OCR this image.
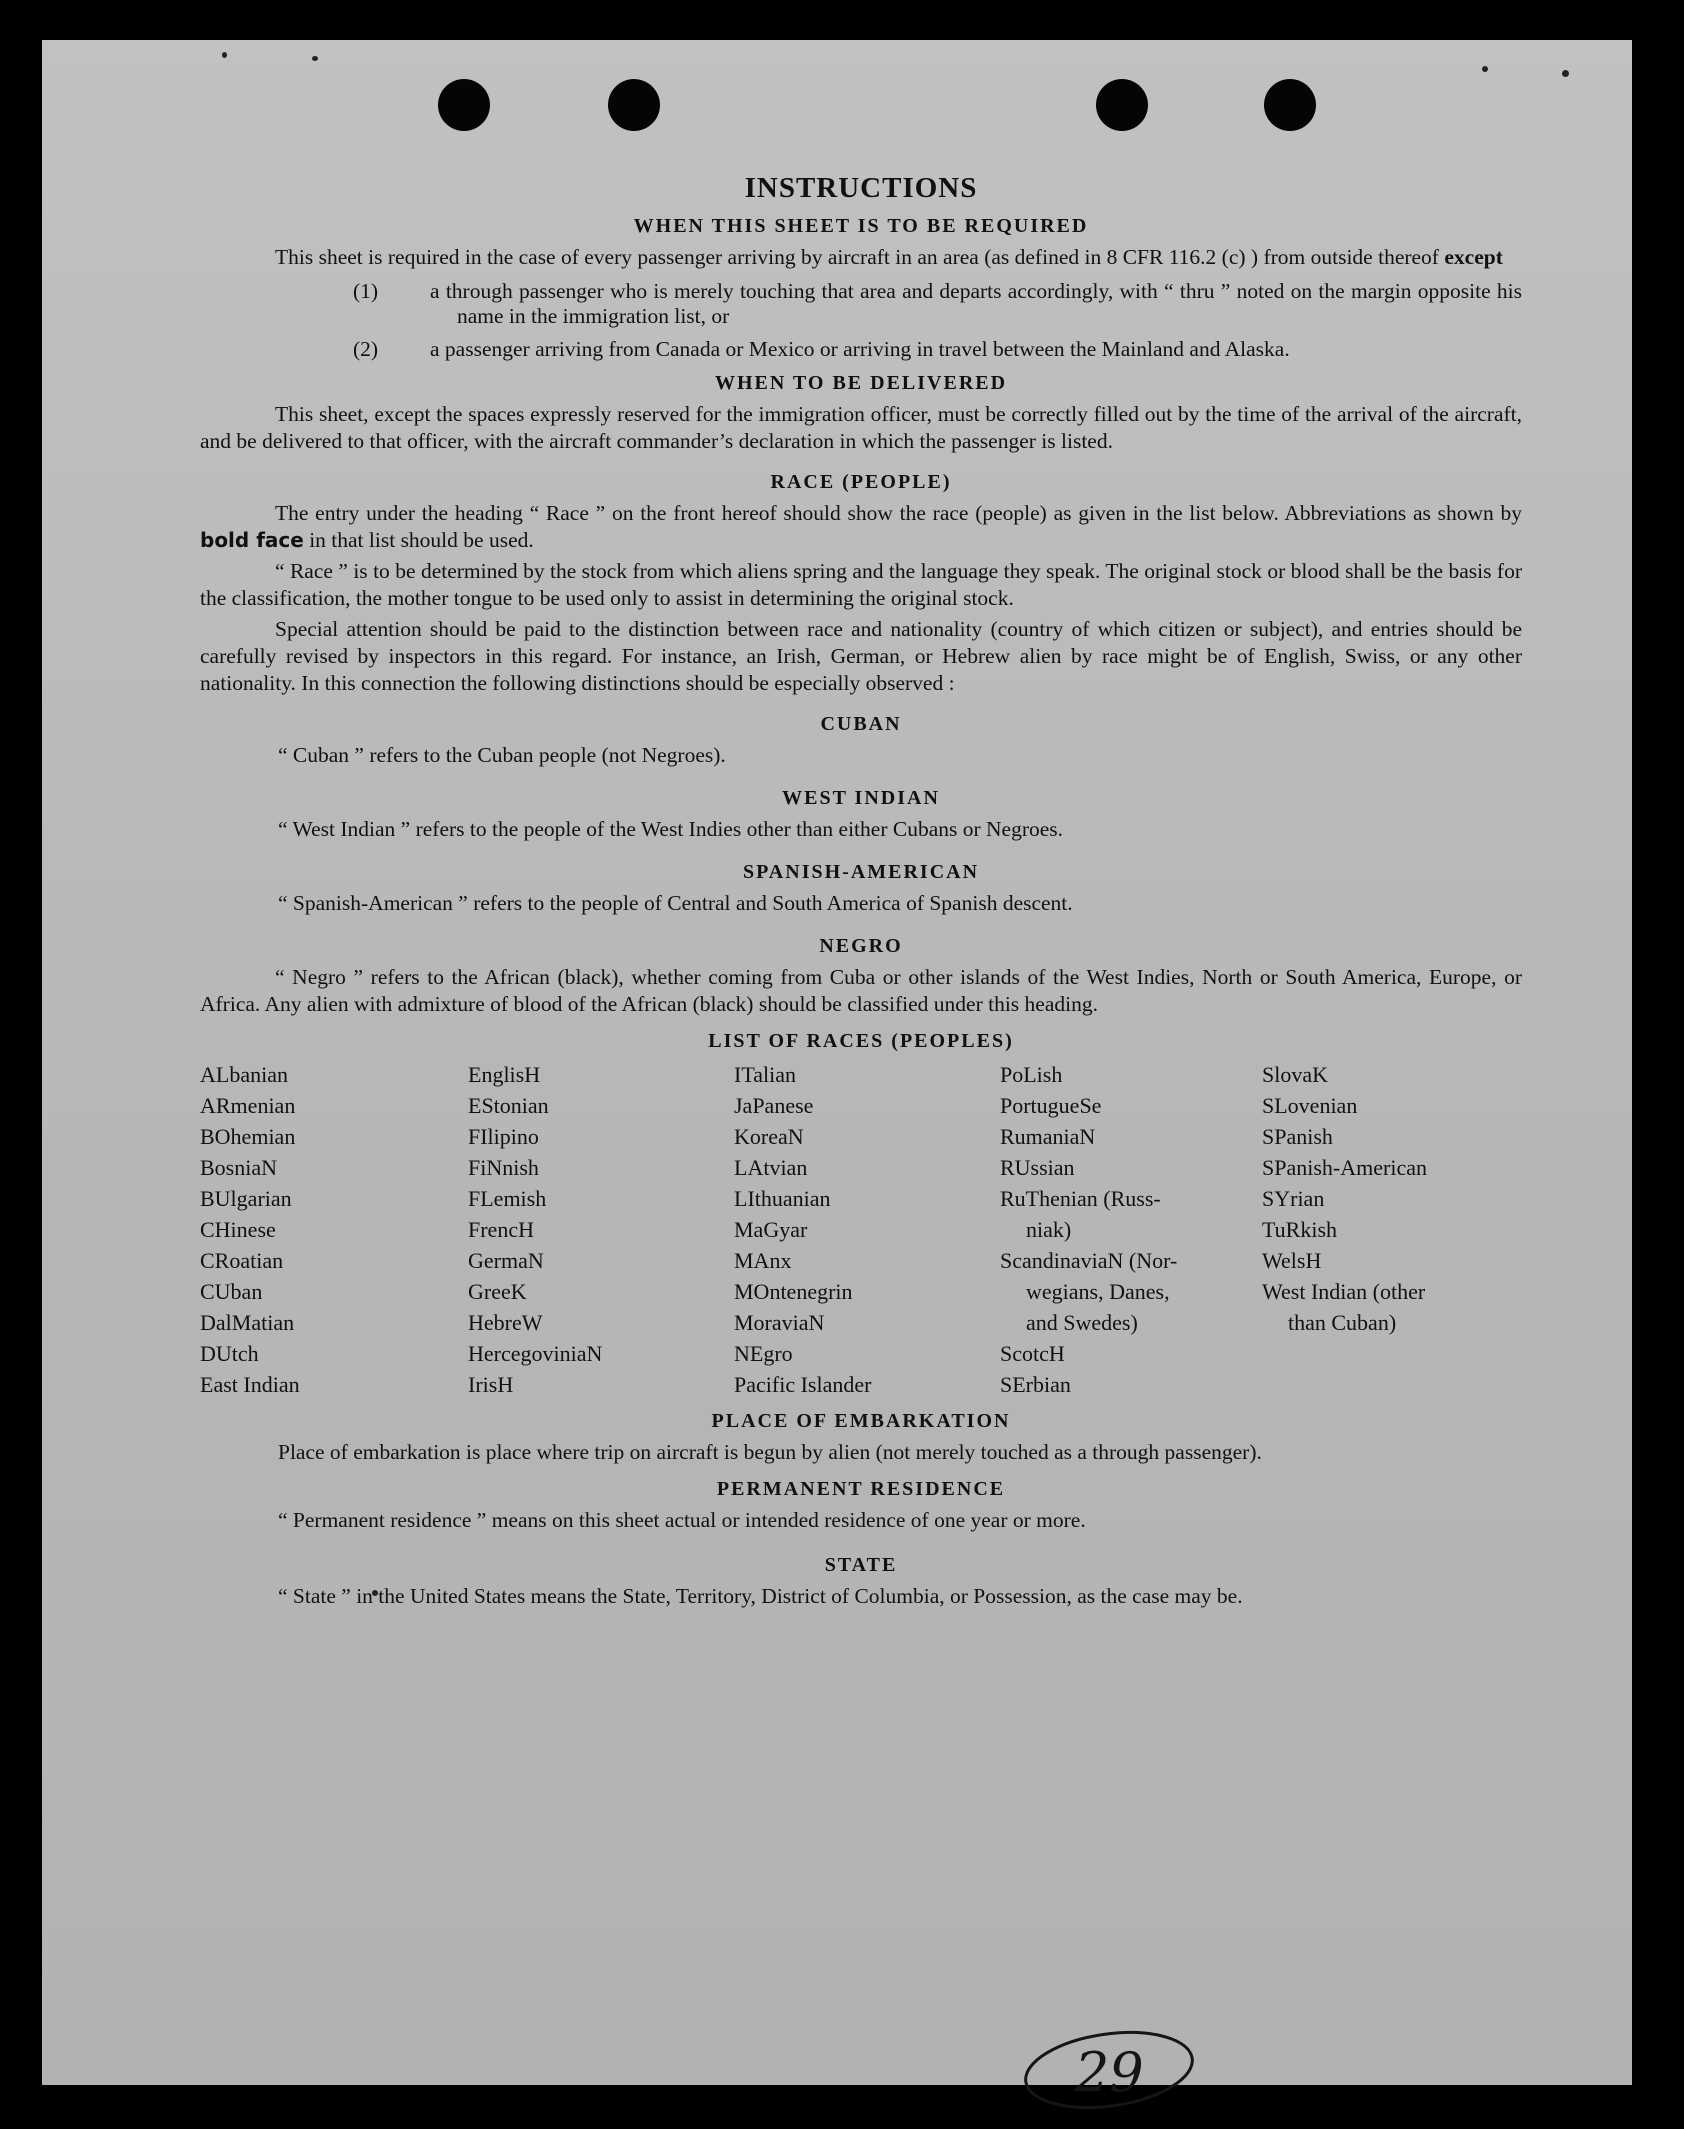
INSTRUCTIONS
WHEN THIS SHEET IS TO BE REQUIRED

This sheet is required in the case of every passenger arriving by aircraft in an area (as defined in 8 CFR 116.2 (c) ) from outside thereof except

(1) a through passenger who is merely touching that area and departs accordingly, with “ thru ” noted on the margin opposite his name in the immigration list, or
(2) a passenger arriving from Canada or Mexico or arriving in travel between the Mainland and Alaska.
WHEN TO BE DELIVERED

This sheet, except the spaces expressly reserved for the immigration officer, must be correctly filled out by the time of the arrival of the aircraft, and be delivered to that officer, with the aircraft commander’s declaration in which the passenger is listed.

RACE (PEOPLE)

The entry under the heading “ Race ” on the front hereof should show the race (people) as given in the list below. Abbreviations as shown by bold face in that list should be used.

“ Race ” is to be determined by the stock from which aliens spring and the language they speak. The original stock or blood shall be the basis for the classification, the mother tongue to be used only to assist in determining the original stock.

Special attention should be paid to the distinction between race and nationality (country of which citizen or subject), and entries should be carefully revised by inspectors in this regard. For instance, an Irish, German, or Hebrew alien by race might be of English, Swiss, or any other nationality. In this connection the following distinctions should be especially observed :

CUBAN

“ Cuban ” refers to the Cuban people (not Negroes).

WEST INDIAN

“ West Indian ” refers to the people of the West Indies other than either Cubans or Negroes.

SPANISH-AMERICAN

“ Spanish-American ” refers to the people of Central and South America of Spanish descent.

NEGRO

“ Negro ” refers to the African (black), whether coming from Cuba or other islands of the West Indies, North or South America, Europe, or Africa. Any alien with admixture of blood of the African (black) should be classified under this heading.

LIST OF RACES (PEOPLES)
ALbanian
ARmenian
BOhemian
BosniaN
BUlgarian
CHinese
CRoatian
CUban
DalMatian
DUtch
East Indian
EnglisH
EStonian
FIlipino
FiNnish
FLemish
FrencH
GermaN
GreeK
HebreW
HercegoviniaN
IrisH
ITalian
JaPanese
KoreaN
LAtvian
LIthuanian
MaGyar
MAnx
MOntenegrin
MoraviaN
NEgro
Pacific Islander
PoLish
PortugueSe
RumaniaN
RUssian
RuThenian (Russ-
niak)
ScandinaviaN (Nor-
wegians, Danes,
and Swedes)
ScotcH
SErbian
SlovaK
SLovenian
SPanish
SPanish-American
SYrian
TuRkish
WelsH
West Indian (other
than Cuban)
PLACE OF EMBARKATION

Place of embarkation is place where trip on aircraft is begun by alien (not merely touched as a through passenger).

PERMANENT RESIDENCE

“ Permanent residence ” means on this sheet actual or intended residence of one year or more.

STATE

“ State ” in the United States means the State, Territory, District of Columbia, or Possession, as the case may be.

29
